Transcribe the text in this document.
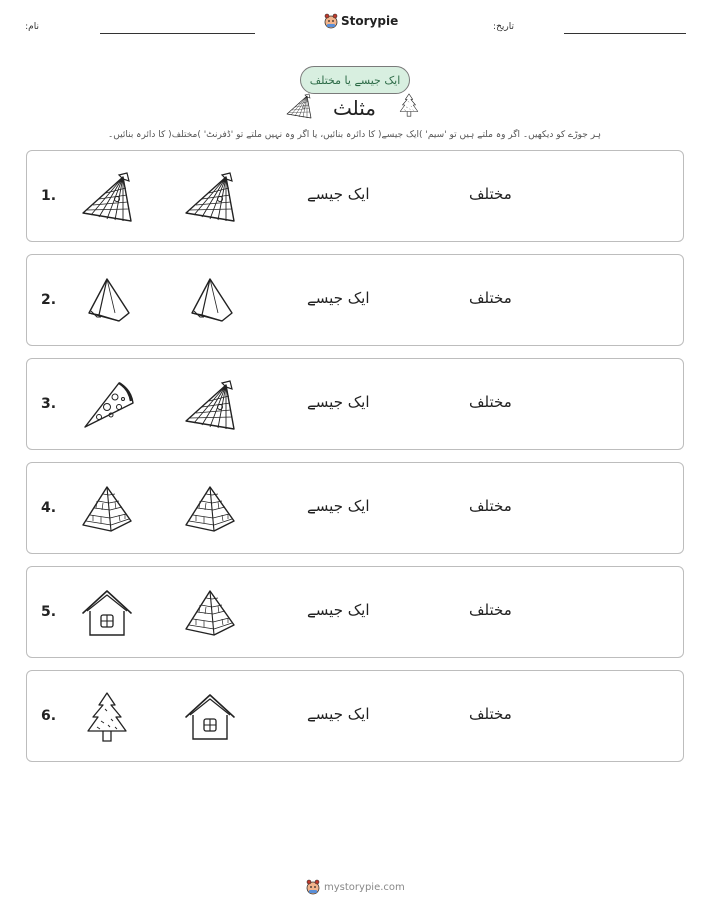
نام:	Storypie	تاریخ:
ایک جیسے یا مختلف
مثلث
ہر جوڑے کو دیکھیں۔ اگر وہ ملتے ہیں تو 'سیم' )ایک جیسے( کا دائرہ بنائیں، یا اگر وہ نہیں ملتے تو 'ڈفرنٹ' )مختلف( کا دائرہ بنائیں۔
1.	ایک جیسے	مختلف
2.	ایک جیسے	مختلف
3.	ایک جیسے	مختلف
4.	ایک جیسے	مختلف
5.	ایک جیسے	مختلف
6.	ایک جیسے	مختلف
mystorypie.com
